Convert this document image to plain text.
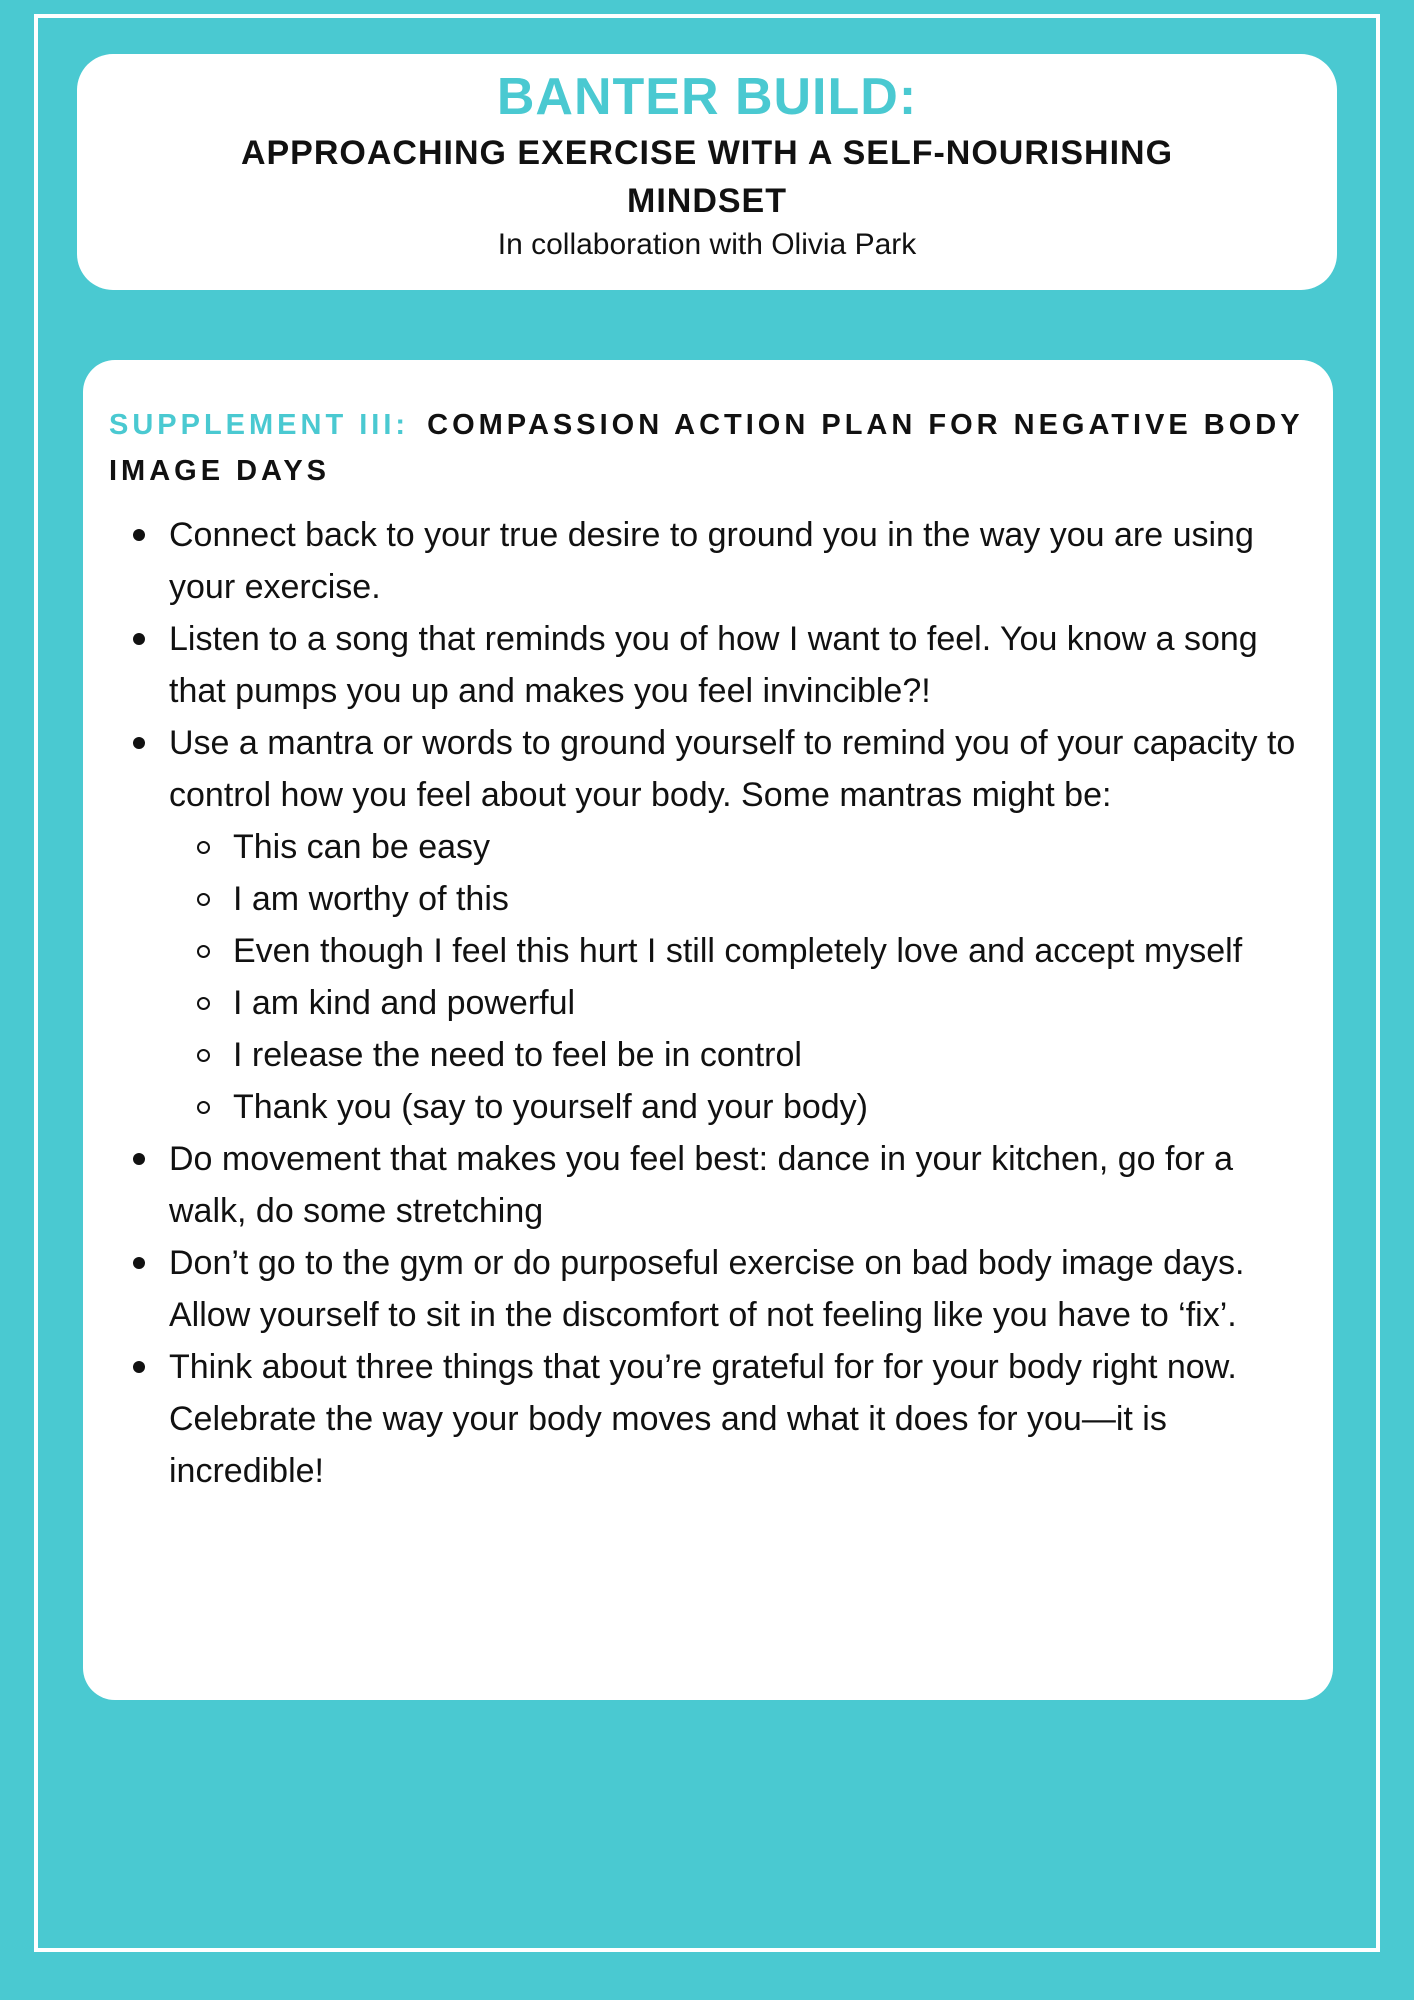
BANTER BUILD:
APPROACHING EXERCISE WITH A SELF-NOURISHING MINDSET
In collaboration with Olivia Park
SUPPLEMENT III: COMPASSION ACTION PLAN FOR NEGATIVE BODY IMAGE DAYS
Connect back to your true desire to ground you in the way you are using your exercise.
Listen to a song that reminds you of how I want to feel. You know a song that pumps you up and makes you feel invincible?!
Use a mantra or words to ground yourself to remind you of your capacity to control how you feel about your body. Some mantras might be:
This can be easy
I am worthy of this
Even though I feel this hurt I still completely love and accept myself
I am kind and powerful
I release the need to feel be in control
Thank you (say to yourself and your body)
Do movement that makes you feel best: dance in your kitchen, go for a walk, do some stretching
Don’t go to the gym or do purposeful exercise on bad body image days. Allow yourself to sit in the discomfort of not feeling like you have to ‘fix’.
Think about three things that you’re grateful for for your body right now. Celebrate the way your body moves and what it does for you—it is incredible!
